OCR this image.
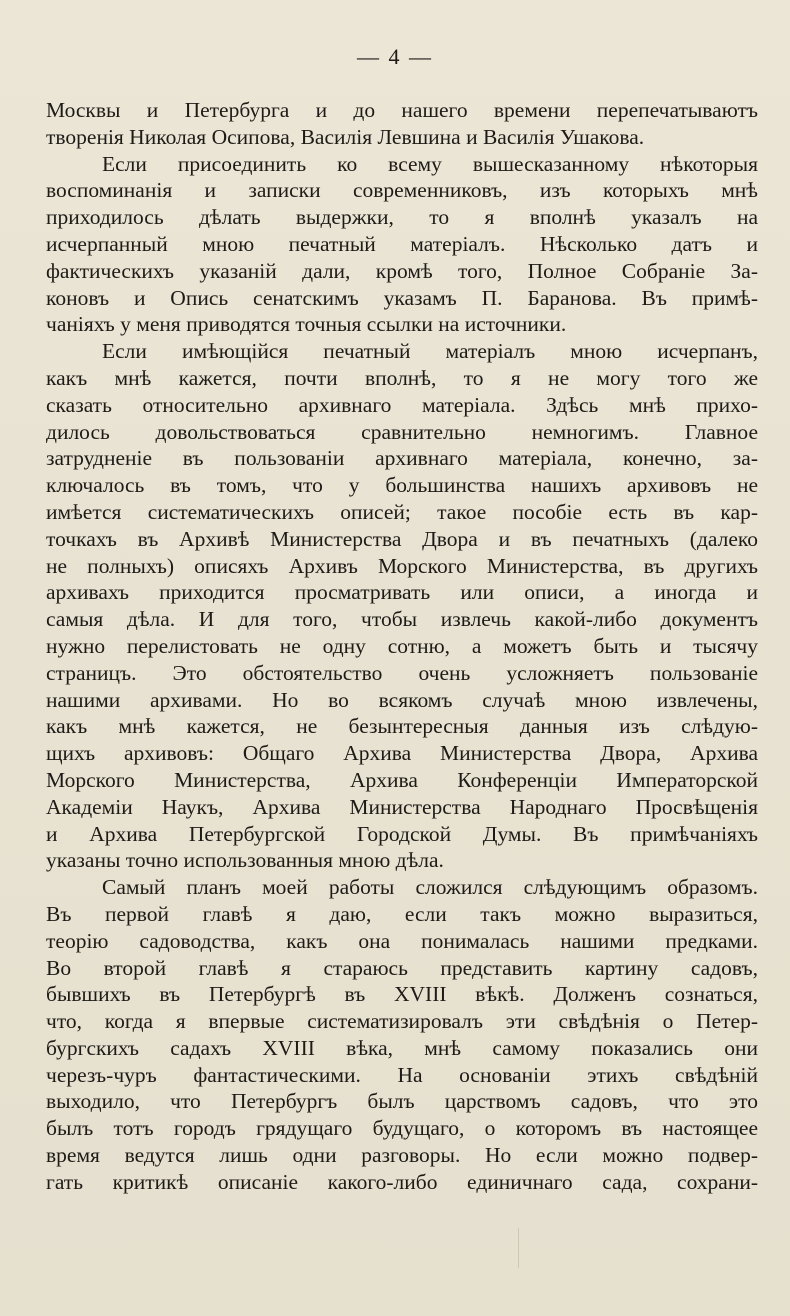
— 4 —
Москвы и Петербурга и до нашего времени перепечатываютъ
творенія Николая Осипова, Василія Левшина и Василія Ушакова.
Если присоединить ко всему вышесказанному нѣкоторыя
воспоминанія и записки современниковъ, изъ которыхъ мнѣ
приходилось дѣлать выдержки, то я вполнѣ указалъ на
исчерпанный мною печатный матеріалъ. Нѣсколько датъ и
фактическихъ указаній дали, кромѣ того, Полное Собраніе За-
коновъ и Опись сенатскимъ указамъ П. Баранова. Въ примѣ-
чаніяхъ у меня приводятся точныя ссылки на источники.
Если имѣющійся печатный матеріалъ мною исчерпанъ,
какъ мнѣ кажется, почти вполнѣ, то я не могу того же
сказать относительно архивнаго матеріала. Здѣсь мнѣ прихо-
дилось довольствоваться сравнительно немногимъ. Главное
затрудненіе въ пользованіи архивнаго матеріала, конечно, за-
ключалось въ томъ, что у большинства нашихъ архивовъ не
имѣется систематическихъ описей; такое пособіе есть въ кар-
точкахъ въ Архивѣ Министерства Двора и въ печатныхъ (далеко
не полныхъ) описяхъ Архивъ Морского Министерства, въ другихъ
архивахъ приходится просматривать или описи, а иногда и
самыя дѣла. И для того, чтобы извлечь какой-либо документъ
нужно перелистовать не одну сотню, а можетъ быть и тысячу
страницъ. Это обстоятельство очень усложняетъ пользованіе
нашими архивами. Но во всякомъ случаѣ мною извлечены,
какъ мнѣ кажется, не безынтересныя данныя изъ слѣдую-
щихъ архивовъ: Общаго Архива Министерства Двора, Архива
Морского Министерства, Архива Конференціи Императорской
Академіи Наукъ, Архива Министерства Народнаго Просвѣщенія
и Архива Петербургской Городской Думы. Въ примѣчаніяхъ
указаны точно использованныя мною дѣла.
Самый планъ моей работы сложился слѣдующимъ образомъ.
Въ первой главѣ я даю, если такъ можно выразиться,
теорію садоводства, какъ она понималась нашими предками.
Во второй главѣ я стараюсь представить картину садовъ,
бывшихъ въ Петербургѣ въ XVIII вѣкѣ. Долженъ сознаться,
что, когда я впервые систематизировалъ эти свѣдѣнія о Петер-
бургскихъ садахъ XVIII вѣка, мнѣ самому показались они
черезъ-чуръ фантастическими. На основаніи этихъ свѣдѣній
выходило, что Петербургъ былъ царствомъ садовъ, что это
былъ тотъ городъ грядущаго будущаго, о которомъ въ настоящее
время ведутся лишь одни разговоры. Но если можно подвер-
гать критикѣ описаніе какого-либо единичнаго сада, сохрани-
